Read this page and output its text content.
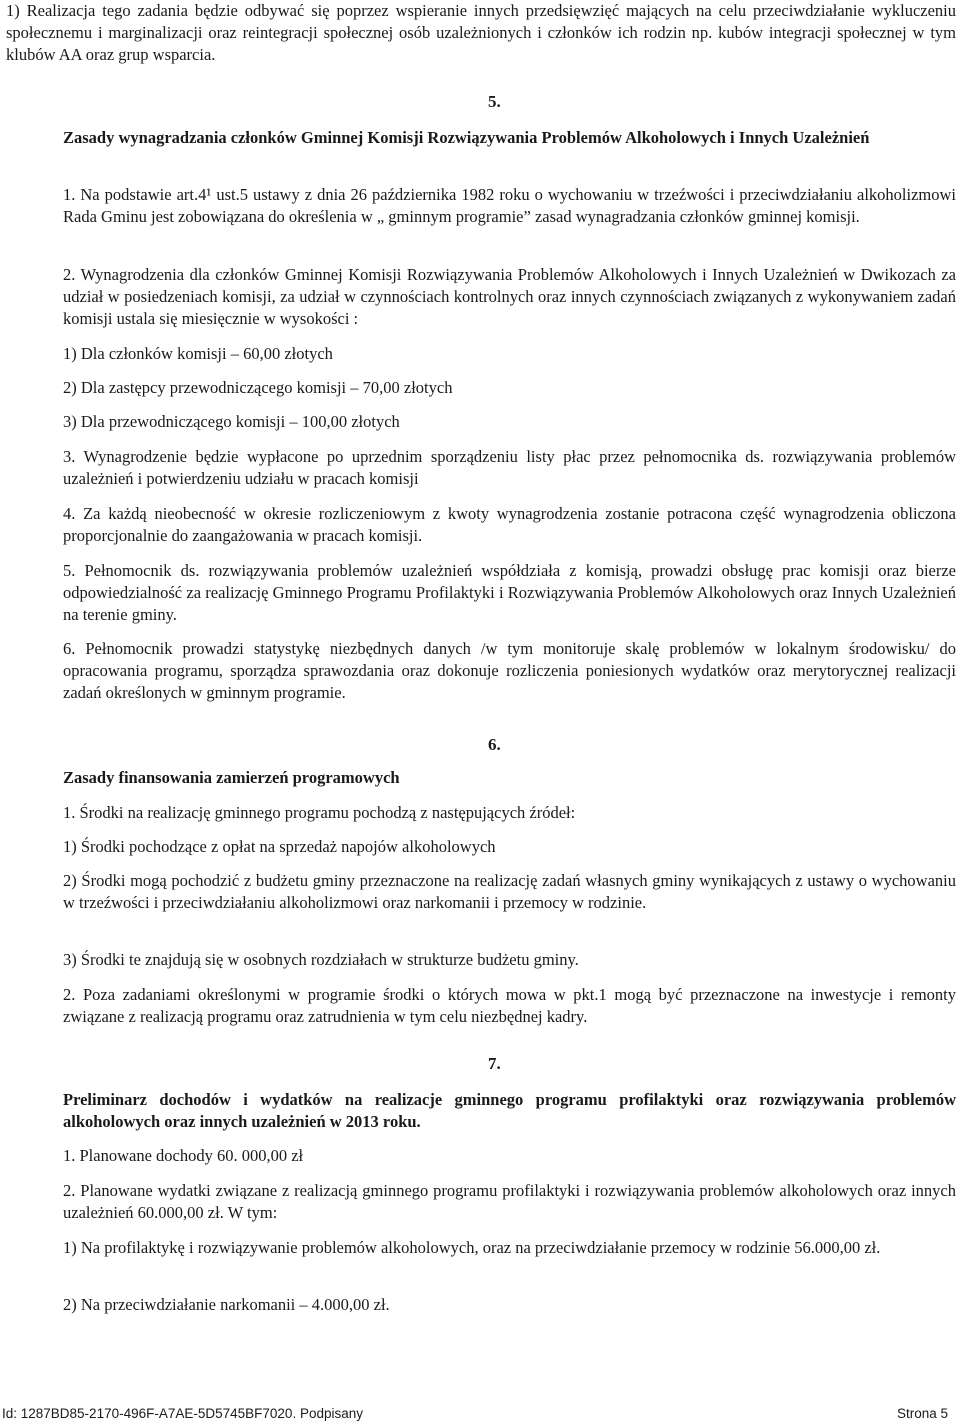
1) Realizacja tego zadania będzie odbywać się poprzez wspieranie innych przedsięwzięć mających na celu przeciwdziałanie wykluczeniu społecznemu i marginalizacji oraz reintegracji społecznej osób uzależnionych i członków ich rodzin np. kubów integracji społecznej w tym klubów AA oraz grup wsparcia.

5.

Zasady wynagradzania członków Gminnej Komisji Rozwiązywania Problemów Alkoholowych i Innych Uzależnień

1. Na podstawie art.4¹ ust.5 ustawy z dnia 26 października 1982 roku o wychowaniu w trzeźwości i przeciwdziałaniu alkoholizmowi Rada Gminu jest zobowiązana do określenia w „ gminnym programie” zasad wynagradzania członków gminnej komisji.

2. Wynagrodzenia dla członków Gminnej Komisji Rozwiązywania Problemów Alkoholowych i Innych Uzależnień w Dwikozach za udział w posiedzeniach komisji, za udział w czynnościach kontrolnych oraz innych czynnościach związanych z wykonywaniem zadań komisji ustala się miesięcznie w wysokości :

1) Dla członków komisji – 60,00 złotych

2) Dla zastępcy przewodniczącego komisji – 70,00 złotych

3) Dla przewodniczącego komisji – 100,00 złotych

3. Wynagrodzenie będzie wypłacone po uprzednim sporządzeniu listy płac przez pełnomocnika ds. rozwiązywania problemów uzależnień i potwierdzeniu udziału w pracach komisji

4. Za każdą nieobecność w okresie rozliczeniowym z kwoty wynagrodzenia zostanie potracona część wynagrodzenia obliczona proporcjonalnie do zaangażowania w pracach komisji.

5. Pełnomocnik ds. rozwiązywania problemów uzależnień współdziała z komisją, prowadzi obsługę prac komisji oraz bierze odpowiedzialność za realizację Gminnego Programu Profilaktyki i Rozwiązywania Problemów Alkoholowych oraz Innych Uzależnień na terenie gminy.

6. Pełnomocnik prowadzi statystykę niezbędnych danych /w tym monitoruje skalę problemów w lokalnym środowisku/ do opracowania programu, sporządza sprawozdania oraz dokonuje rozliczenia poniesionych wydatków oraz merytorycznej realizacji zadań określonych w gminnym programie.

6.

Zasady finansowania zamierzeń programowych

1. Środki na realizację gminnego programu pochodzą z następujących źródeł:

1) Środki pochodzące z opłat na sprzedaż napojów alkoholowych

2) Środki mogą pochodzić z budżetu gminy przeznaczone na realizację zadań własnych gminy wynikających z ustawy o wychowaniu w trzeźwości i przeciwdziałaniu alkoholizmowi oraz narkomanii i przemocy w rodzinie.

3) Środki te znajdują się w osobnych rozdziałach w strukturze budżetu gminy.

2. Poza zadaniami określonymi w programie środki o których mowa w pkt.1 mogą być przeznaczone na inwestycje i remonty związane z realizacją programu oraz zatrudnienia w tym celu niezbędnej kadry.

7.

Preliminarz dochodów i wydatków na realizacje gminnego programu profilaktyki oraz rozwiązywania problemów alkoholowych oraz innych uzależnień w 2013 roku.

1. Planowane dochody 60. 000,00 zł

2. Planowane wydatki związane z realizacją gminnego programu profilaktyki i rozwiązywania problemów alkoholowych oraz innych uzależnień 60.000,00 zł. W tym:

1) Na profilaktykę i rozwiązywanie problemów alkoholowych, oraz na przeciwdziałanie przemocy w rodzinie 56.000,00 zł.

2) Na przeciwdziałanie narkomanii – 4.000,00 zł.

Id: 1287BD85-2170-496F-A7AE-5D5745BF7020. Podpisany	Strona 5
